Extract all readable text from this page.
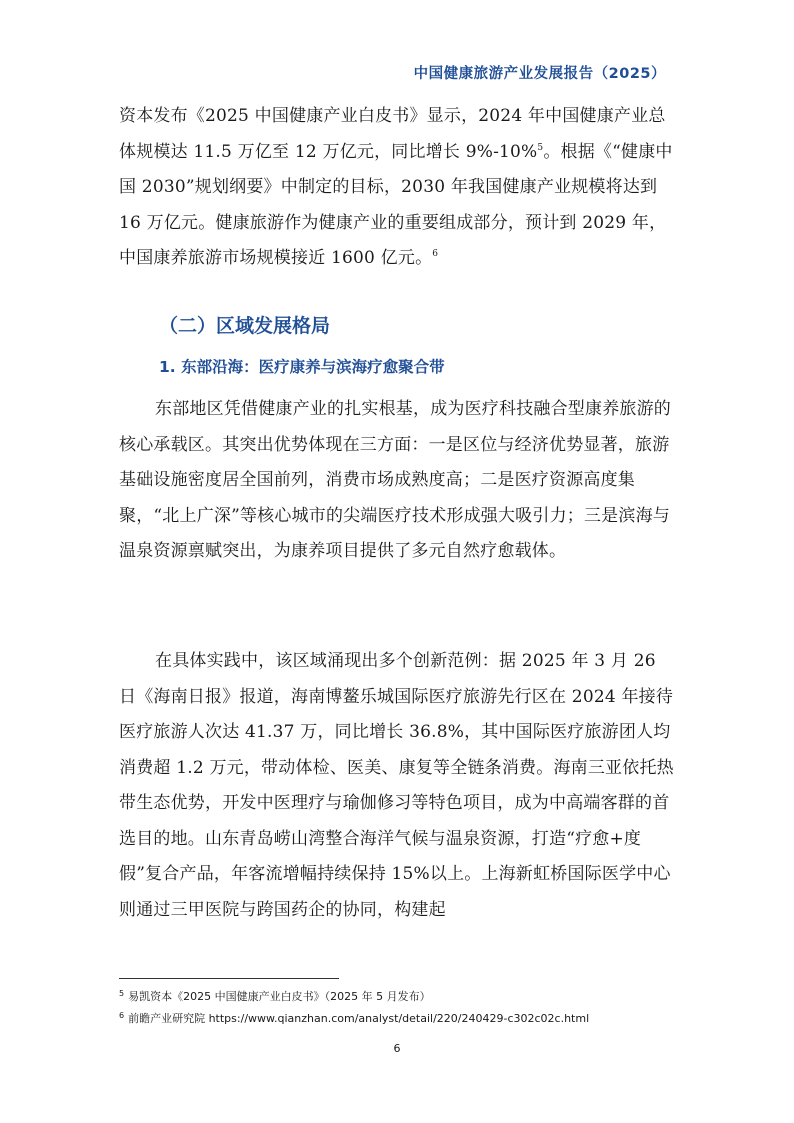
中国健康旅游产业发展报告（2025）
资本发布《2025 中国健康产业白皮书》显示，2024 年中国健康产业总体规模达 11.5 万亿至 12 万亿元，同比增长 9%-10%$^5$。根据《“健康中国 2030”规划纲要》中制定的目标，2030 年我国健康产业规模将达到 16 万亿元。健康旅游作为健康产业的重要组成部分，预计到 2029 年，中国康养旅游市场规模接近 1600 亿元。$^6$
（二）区域发展格局
1. 东部沿海：医疗康养与滨海疗愈聚合带
东部地区凭借健康产业的扎实根基，成为医疗科技融合型康养旅游的核心承载区。其突出优势体现在三方面：一是区位与经济优势显著，旅游基础设施密度居全国前列，消费市场成熟度高；二是医疗资源高度集聚，“北上广深”等核心城市的尖端医疗技术形成强大吸引力；三是滨海与温泉资源禀赋突出，为康养项目提供了多元自然疗愈载体。
在具体实践中，该区域涌现出多个创新范例：据 2025 年 3 月 26 日《海南日报》报道，海南博鳌乐城国际医疗旅游先行区在 2024 年接待医疗旅游人次达 41.37 万，同比增长 36.8%，其中国际医疗旅游团人均消费超 1.2 万元，带动体检、医美、康复等全链条消费。海南三亚依托热带生态优势，开发中医理疗与瑜伽修习等特色项目，成为中高端客群的首选目的地。山东青岛崂山湾整合海洋气候与温泉资源，打造“疗愈+度假”复合产品，年客流增幅持续保持 15%以上。上海新虹桥国际医学中心则通过三甲医院与跨国药企的协同，构建起
$^5$ 易凯资本《2025 中国健康产业白皮书》（2025 年 5 月发布）
$^6$ 前瞻产业研究院 https://www.qianzhan.com/analyst/detail/220/240429-c302c02c.html
6
